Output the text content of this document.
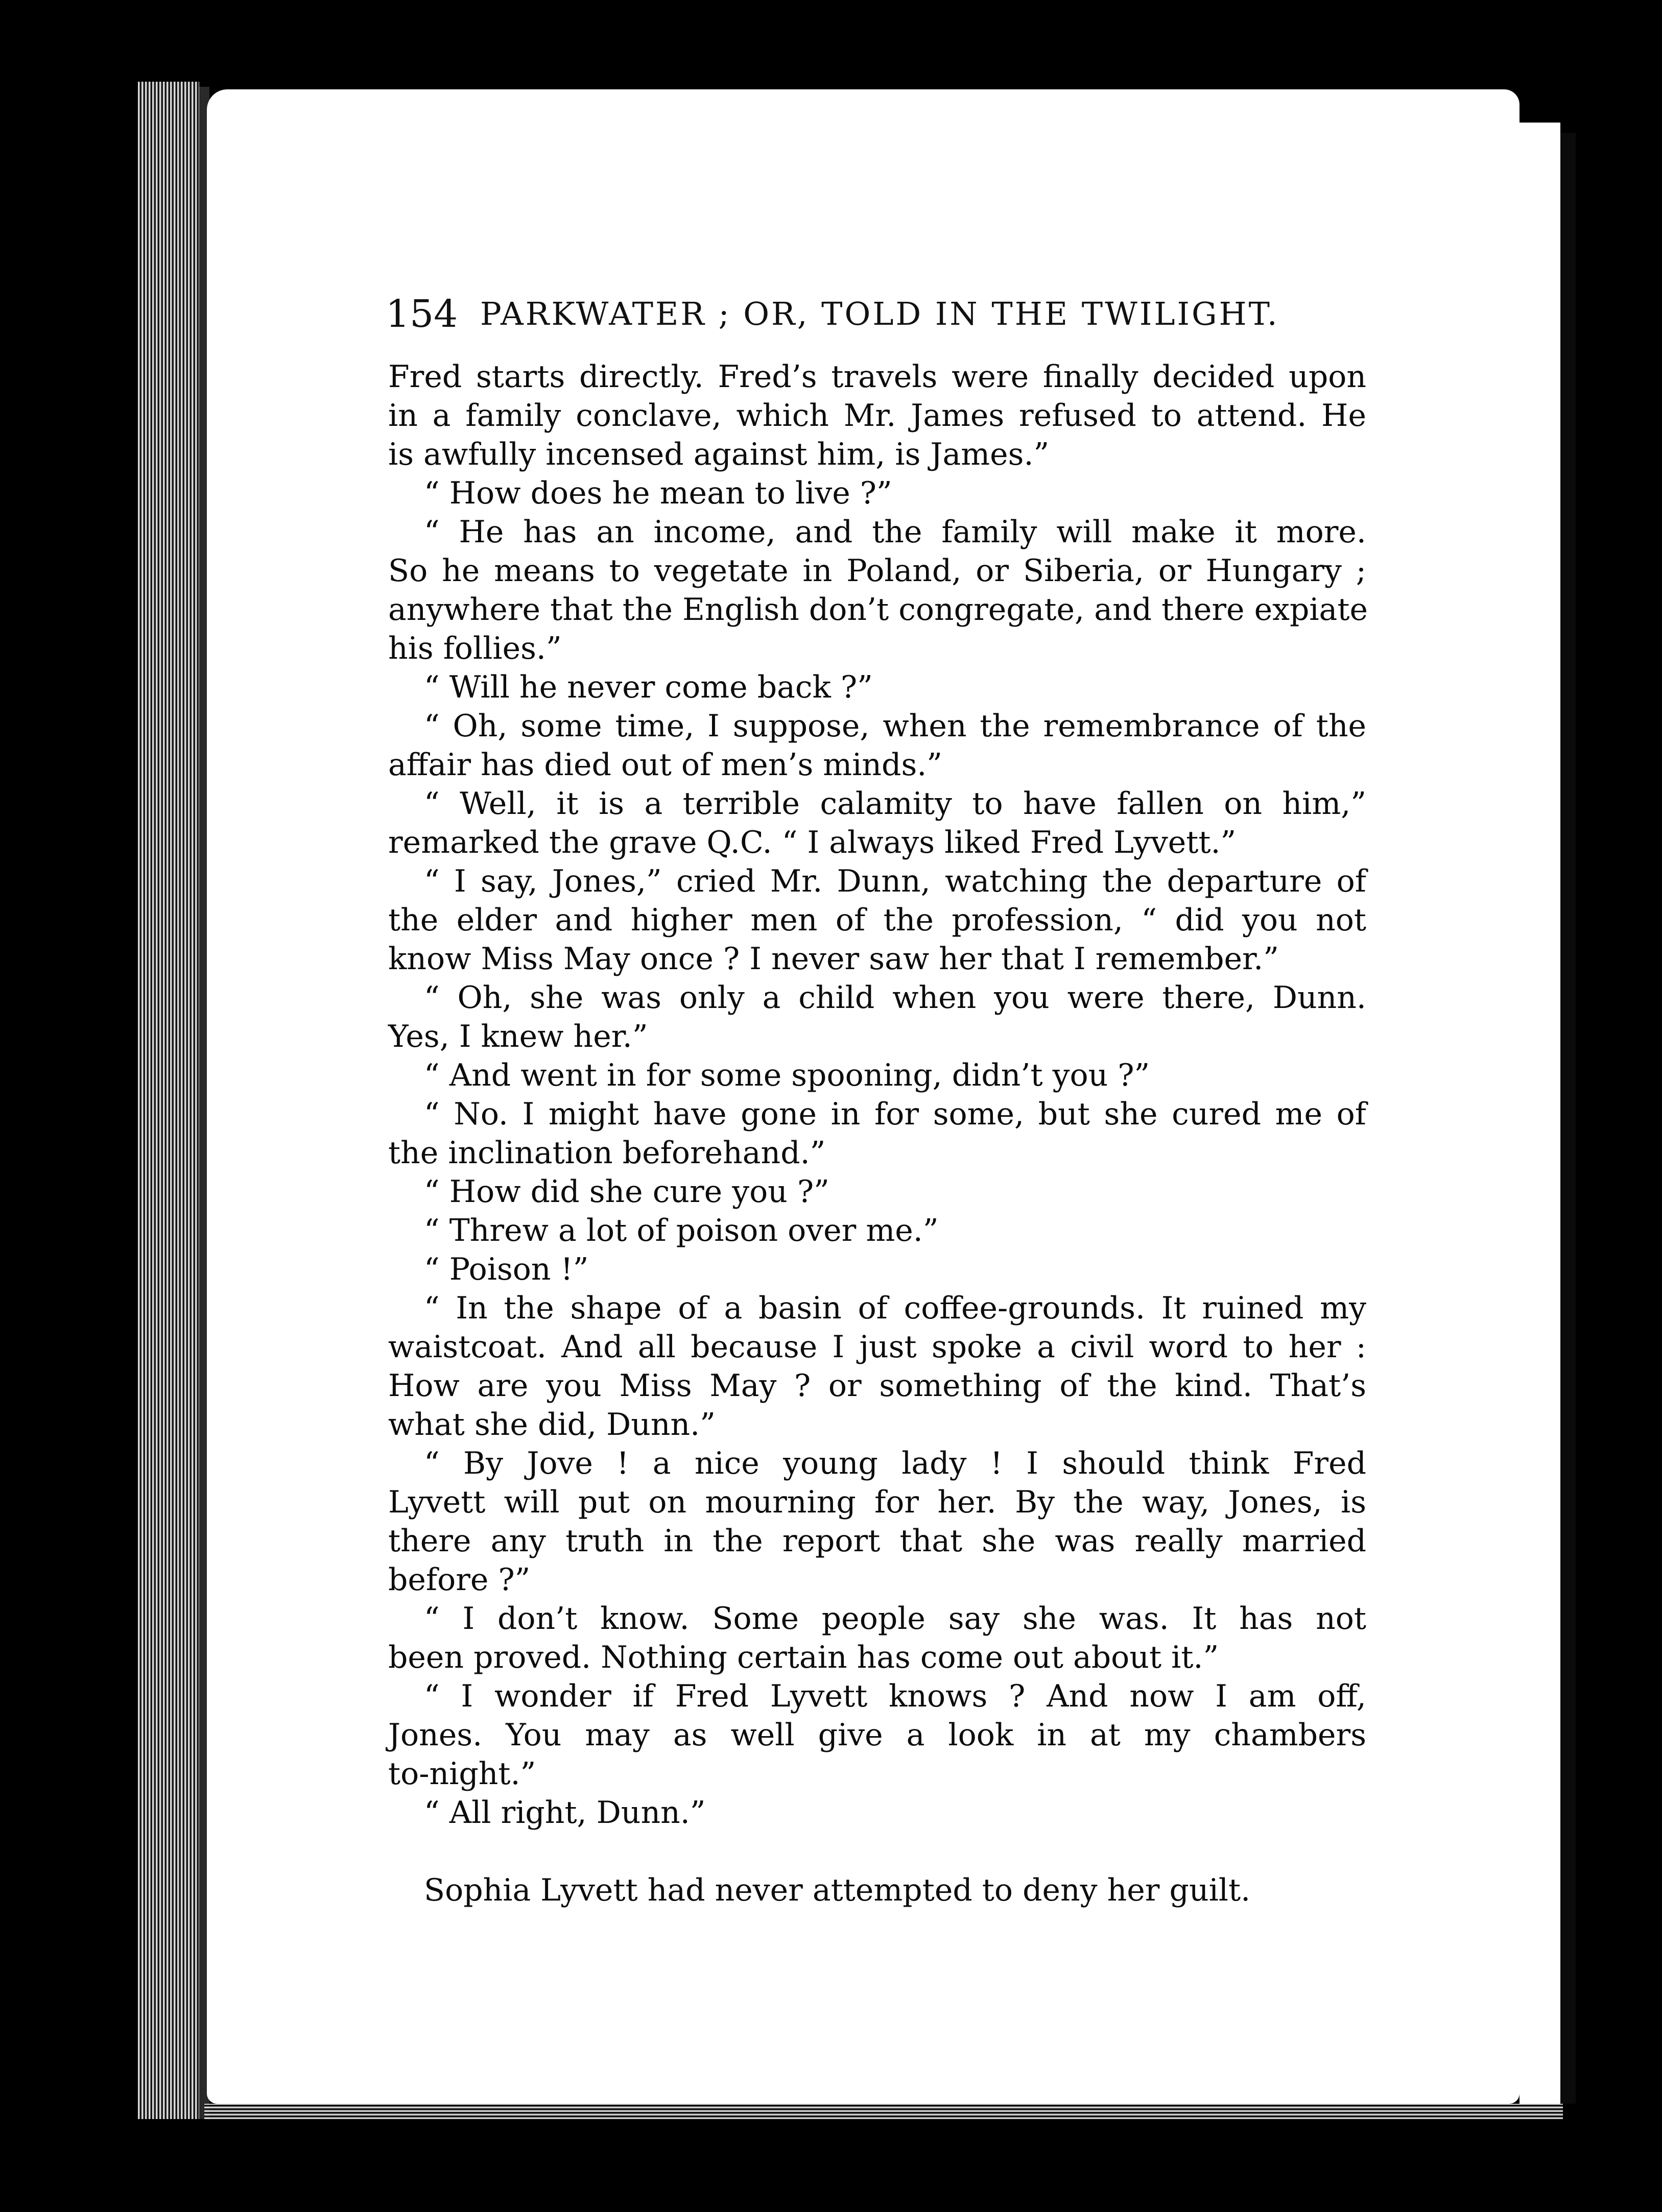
154 PARKWATER ; OR, TOLD IN THE TWILIGHT.
Fred starts directly. Fred’s travels were finally decided upon
in a family conclave, which Mr. James refused to attend. He
is awfully incensed against him, is James.”
“ How does he mean to live ?”
“ He has an income, and the family will make it more.
So he means to vegetate in Poland, or Siberia, or Hungary ;
anywhere that the English don’t congregate, and there expiate
his follies.”
“ Will he never come back ?”
“ Oh, some time, I suppose, when the remembrance of the
affair has died out of men’s minds.”
“ Well, it is a terrible calamity to have fallen on him,”
remarked the grave Q.C. “ I always liked Fred Lyvett.”
“ I say, Jones,” cried Mr. Dunn, watching the departure of
the elder and higher men of the profession, “ did you not
know Miss May once ? I never saw her that I remember.”
“ Oh, she was only a child when you were there, Dunn.
Yes, I knew her.”
“ And went in for some spooning, didn’t you ?”
“ No. I might have gone in for some, but she cured me of
the inclination beforehand.”
“ How did she cure you ?”
“ Threw a lot of poison over me.”
“ Poison !”
“ In the shape of a basin of coffee-grounds. It ruined my
waistcoat. And all because I just spoke a civil word to her :
How are you Miss May ? or something of the kind. That’s
what she did, Dunn.”
“ By Jove ! a nice young lady ! I should think Fred
Lyvett will put on mourning for her. By the way, Jones, is
there any truth in the report that she was really married
before ?”
“ I don’t know. Some people say she was. It has not
been proved. Nothing certain has come out about it.”
“ I wonder if Fred Lyvett knows ? And now I am off,
Jones. You may as well give a look in at my chambers
to-night.”
“ All right, Dunn.”
Sophia Lyvett had never attempted to deny her guilt.
